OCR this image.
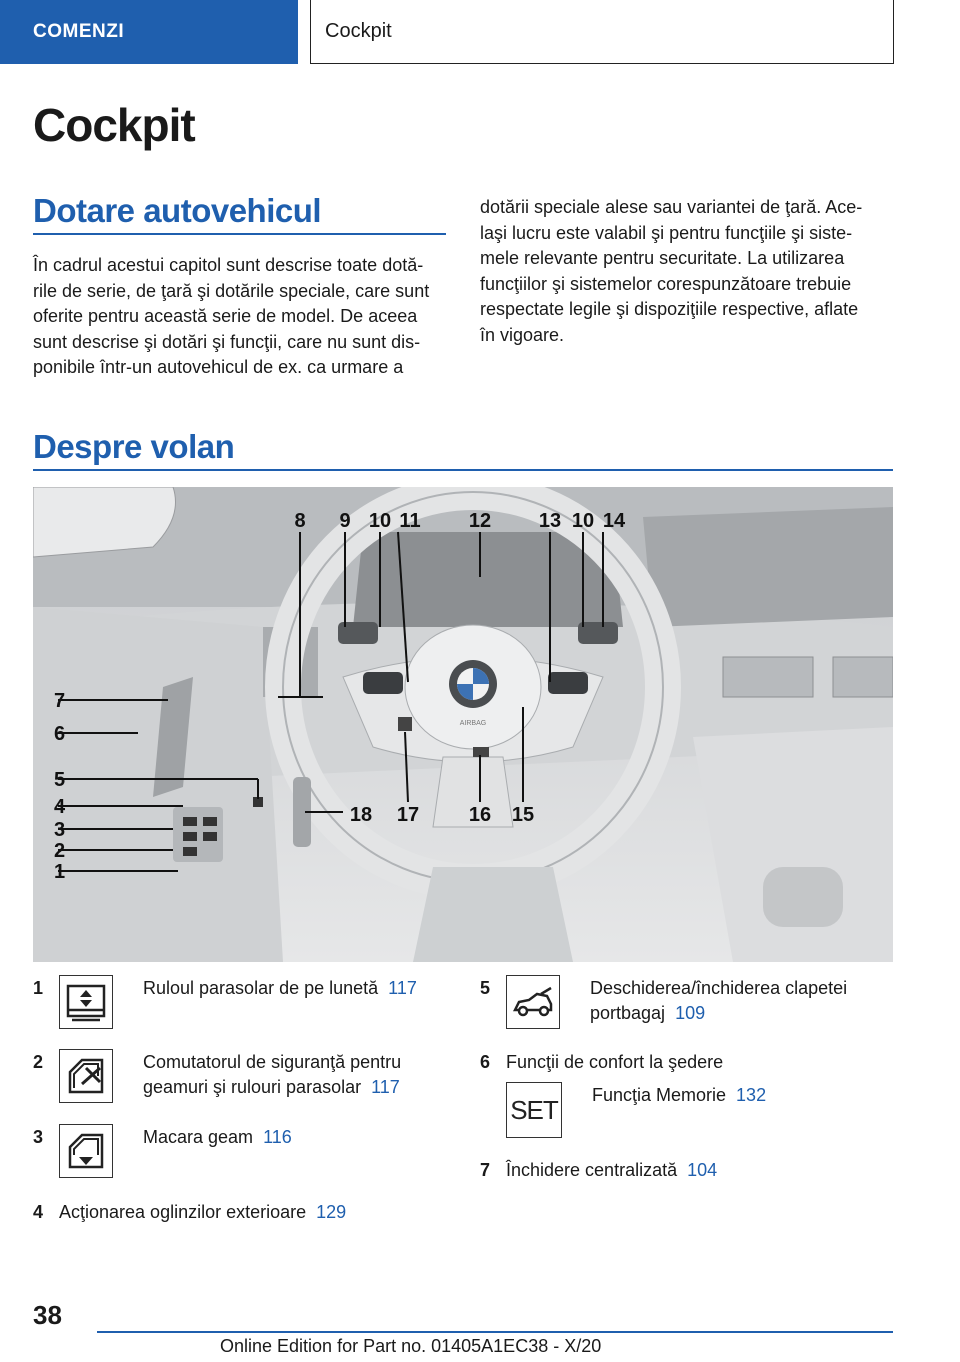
COMENZI	Cockpit
Cockpit
Dotare autovehicul
În cadrul acestui capitol sunt descrise toate dotă-
rile de serie, de ţară şi dotările speciale, care sunt
oferite pentru această serie de model. De aceea
sunt descrise şi dotări şi funcţii, care nu sunt dis-
ponibile într-un autovehicul de ex. ca urmare a
dotării speciale alese sau variantei de ţară. Ace-
laşi lucru este valabil şi pentru funcţiile şi siste-
mele relevante pentru securitate. La utilizarea
funcţiilor şi sistemelor corespunzătoare trebuie
respectate legile şi dispoziţiile respective, aflate
în vigoare.
Despre volan
AIRBAG
8 9 10 11 12 13 10 14
7
6
5
4
3
2
1
18 17 16 15
1	Ruloul parasolar de pe lunetă 117
2	Comutatorul de siguranţă pentru
geamuri şi rulouri parasolar 117
3	Macara geam 116
4 Acţionarea oglinzilor exterioare 129
5	Deschiderea/închiderea clapetei
portbagaj 109
6 Funcţii de confort la şedere
SET Funcţia Memorie 132
7 Închidere centralizată 104
38
Online Edition for Part no. 01405A1EC38 - X/20
